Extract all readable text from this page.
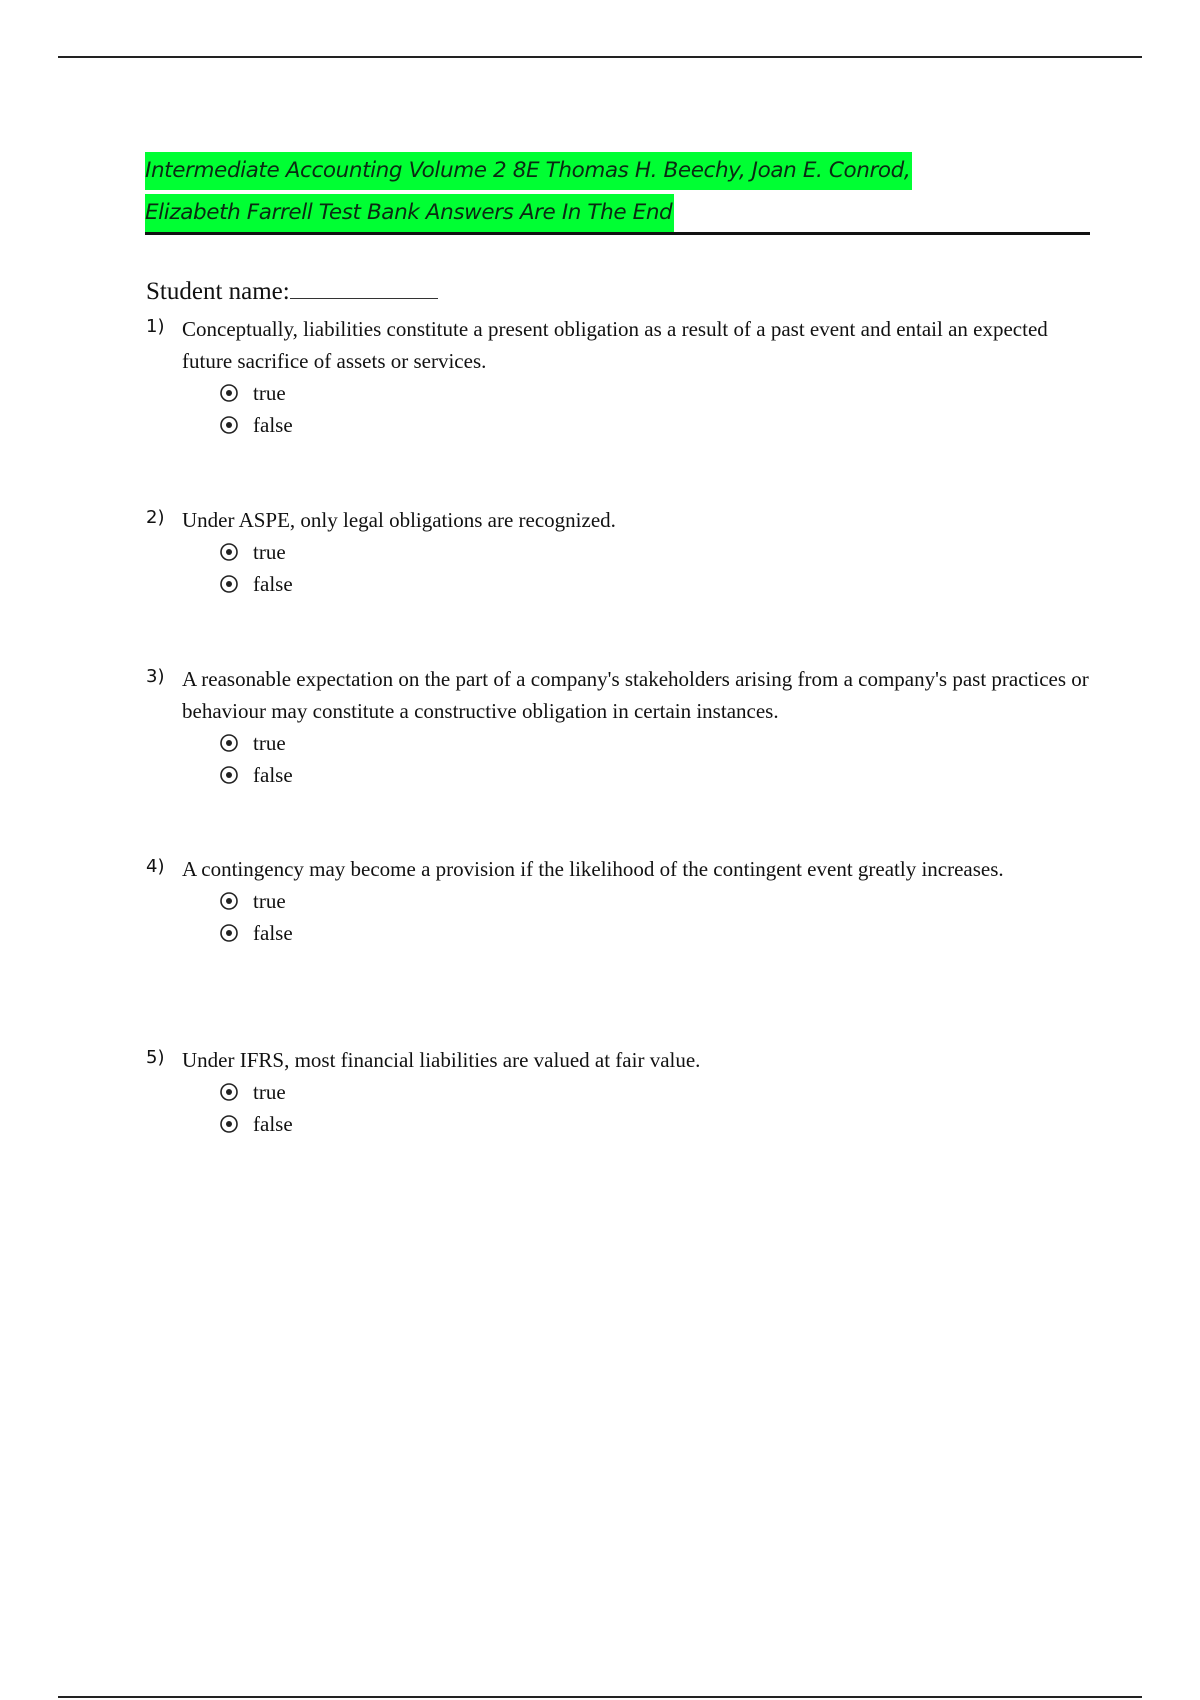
Intermediate Accounting Volume 2 8E Thomas H. Beechy, Joan E. Conrod,
Elizabeth Farrell Test Bank Answers Are In The End
Student name:
1) Conceptually, liabilities constitute a present obligation as a result of a past event and entail an expected future sacrifice of assets or services.
true
false
2) Under ASPE, only legal obligations are recognized.
true
false
3) A reasonable expectation on the part of a company's stakeholders arising from a company's past practices or behaviour may constitute a constructive obligation in certain instances.
true
false
4) A contingency may become a provision if the likelihood of the contingent event greatly increases.
true
false
5) Under IFRS, most financial liabilities are valued at fair value.
true
false
